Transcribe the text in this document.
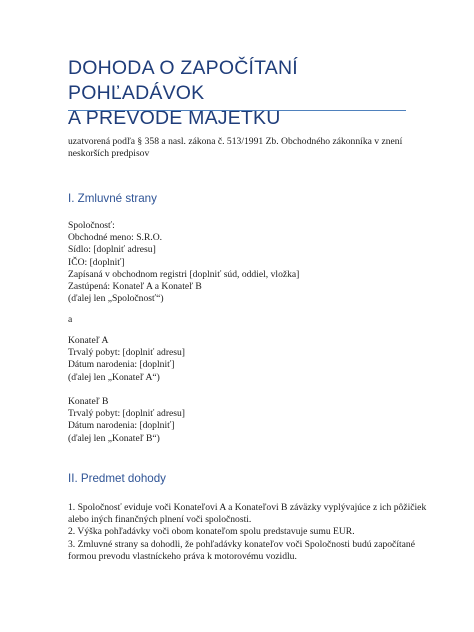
DOHODA O ZAPOČÍTANÍ POHĽADÁVOK
A PREVODE MAJETKU
uzatvorená podľa § 358 a nasl. zákona č. 513/1991 Zb. Obchodného zákonníka v znení
neskorších predpisov
I. Zmluvné strany
Spoločnosť:
Obchodné meno: S.R.O.
Sídlo: [doplniť adresu]
IČO: [doplniť]
Zapísaná v obchodnom registri [doplniť súd, oddiel, vložka]
Zastúpená: Konateľ A a Konateľ B
(ďalej len „Spoločnosť“)
a
Konateľ A
Trvalý pobyt: [doplniť adresu]
Dátum narodenia: [doplniť]
(ďalej len „Konateľ A“)
Konateľ B
Trvalý pobyt: [doplniť adresu]
Dátum narodenia: [doplniť]
(ďalej len „Konateľ B“)
II. Predmet dohody
1. Spoločnosť eviduje voči Konateľovi A a Konateľovi B záväzky vyplývajúce z ich pôžičiek
alebo iných finančných plnení voči spoločnosti.
2. Výška pohľadávky voči obom konateľom spolu predstavuje sumu EUR.
3. Zmluvné strany sa dohodli, že pohľadávky konateľov voči Spoločnosti budú započítané
formou prevodu vlastníckeho práva k motorovému vozidlu.
